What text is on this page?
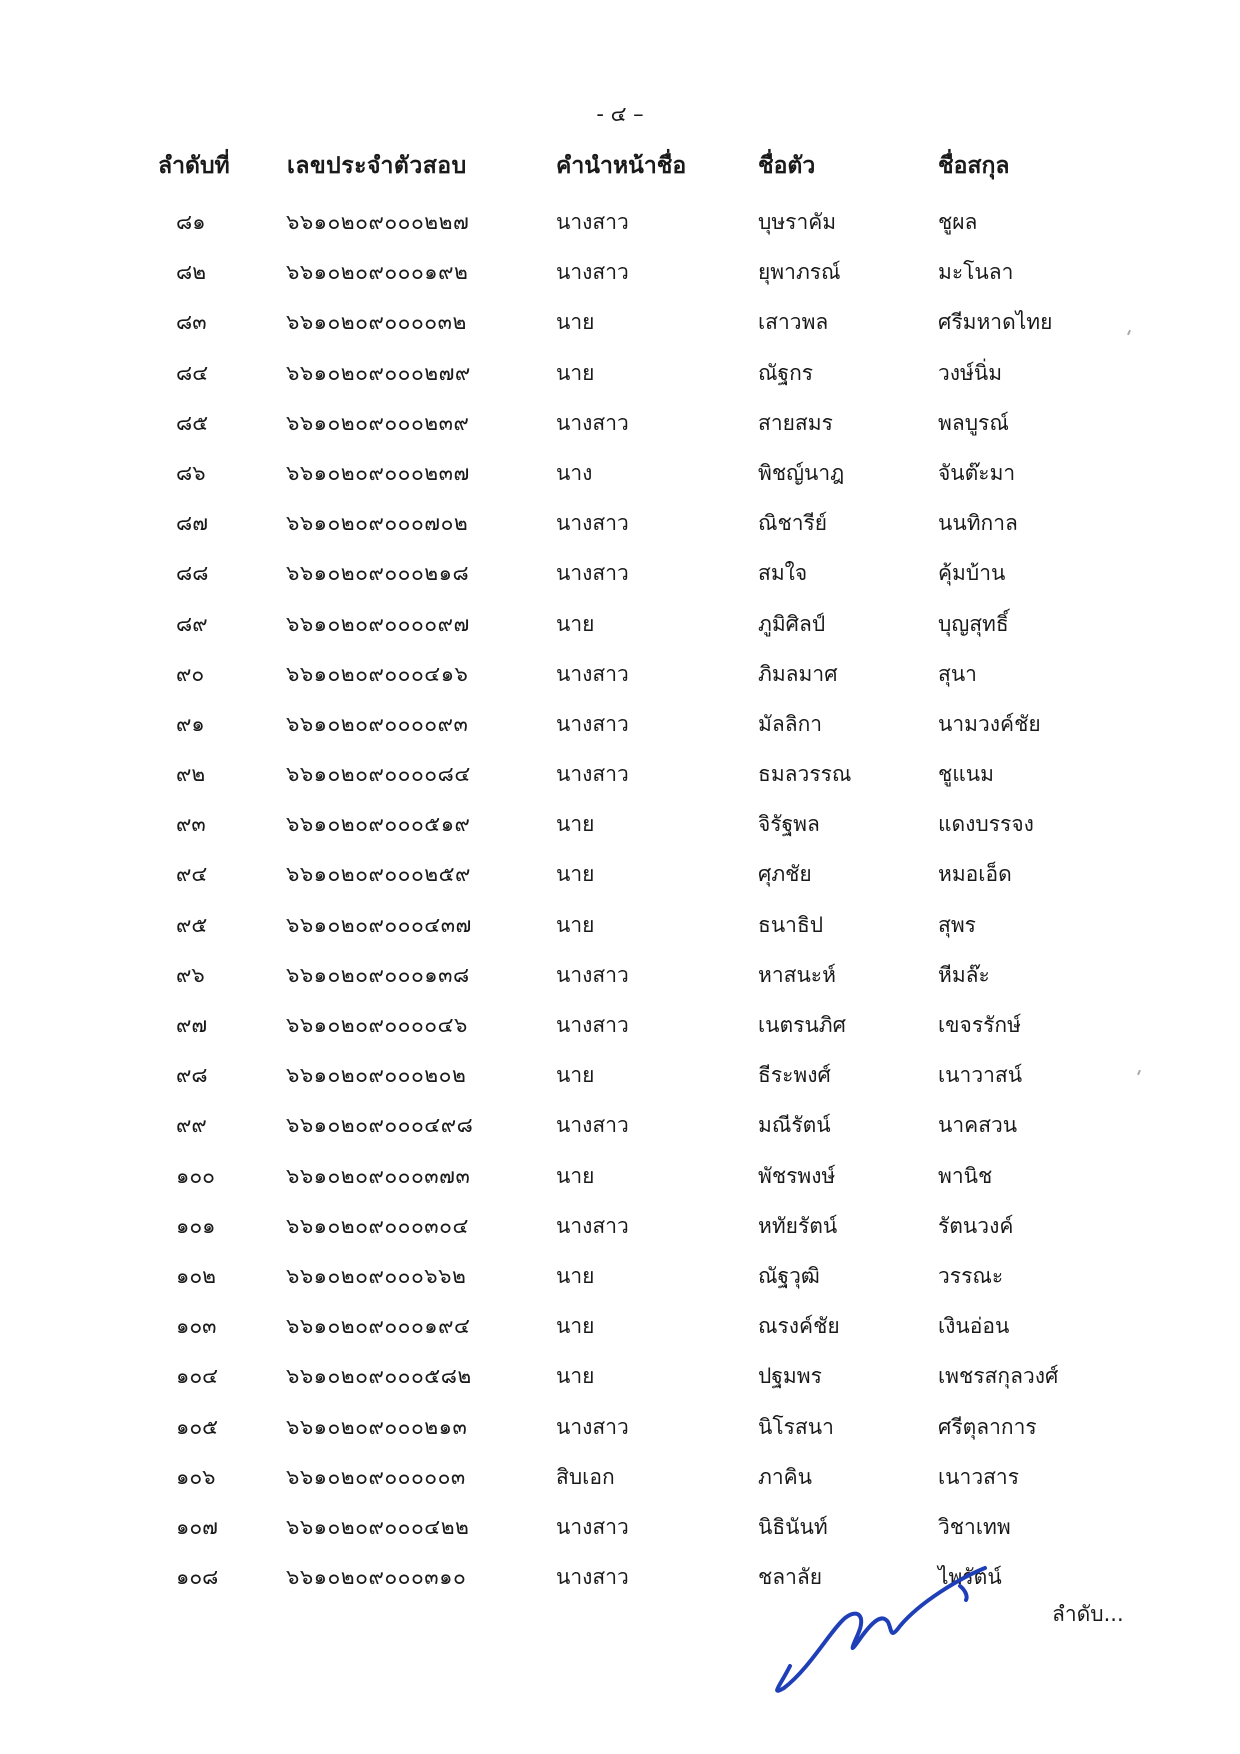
- ๔ –
ลำดับที่	เลขประจำตัวสอบ	คำนำหน้าชื่อ	ชื่อตัว	ชื่อสกุล
๘๑	๖๖๑๐๒๐๙๐๐๐๒๒๗	นางสาว	บุษราคัม	ชูผล
๘๒	๖๖๑๐๒๐๙๐๐๐๑๙๒	นางสาว	ยุพาภรณ์	มะโนลา
๘๓	๖๖๑๐๒๐๙๐๐๐๐๓๒	นาย	เสาวพล	ศรีมหาดไทย
๘๔	๖๖๑๐๒๐๙๐๐๐๒๗๙	นาย	ณัฐกร	วงษ์นิ่ม
๘๕	๖๖๑๐๒๐๙๐๐๐๒๓๙	นางสาว	สายสมร	พลบูรณ์
๘๖	๖๖๑๐๒๐๙๐๐๐๒๓๗	นาง	พิชญ์นาฎ	จันต๊ะมา
๘๗	๖๖๑๐๒๐๙๐๐๐๗๐๒	นางสาว	ณิชารีย์	นนทิกาล
๘๘	๖๖๑๐๒๐๙๐๐๐๒๑๘	นางสาว	สมใจ	คุ้มบ้าน
๘๙	๖๖๑๐๒๐๙๐๐๐๐๙๗	นาย	ภูมิศิลป์	บุญสุทธิ์
๙๐	๖๖๑๐๒๐๙๐๐๐๔๑๖	นางสาว	ภิมลมาศ	สุนา
๙๑	๖๖๑๐๒๐๙๐๐๐๐๙๓	นางสาว	มัลลิกา	นามวงค์ชัย
๙๒	๖๖๑๐๒๐๙๐๐๐๐๘๔	นางสาว	ธมลวรรณ	ชูแนม
๙๓	๖๖๑๐๒๐๙๐๐๐๕๑๙	นาย	จิรัฐพล	แดงบรรจง
๙๔	๖๖๑๐๒๐๙๐๐๐๒๕๙	นาย	ศุภชัย	หมอเอ็ด
๙๕	๖๖๑๐๒๐๙๐๐๐๔๓๗	นาย	ธนาธิป	สุพร
๙๖	๖๖๑๐๒๐๙๐๐๐๑๓๘	นางสาว	หาสนะห์	หีมล๊ะ
๙๗	๖๖๑๐๒๐๙๐๐๐๐๔๖	นางสาว	เนตรนภิศ	เขจรรักษ์
๙๘	๖๖๑๐๒๐๙๐๐๐๒๐๒	นาย	ธีระพงศ์	เนาวาสน์
๙๙	๖๖๑๐๒๐๙๐๐๐๔๙๘	นางสาว	มณีรัตน์	นาคสวน
๑๐๐	๖๖๑๐๒๐๙๐๐๐๓๗๓	นาย	พัชรพงษ์	พานิช
๑๐๑	๖๖๑๐๒๐๙๐๐๐๓๐๔	นางสาว	หทัยรัตน์	รัตนวงค์
๑๐๒	๖๖๑๐๒๐๙๐๐๐๖๖๒	นาย	ณัฐวุฒิ	วรรณะ
๑๐๓	๖๖๑๐๒๐๙๐๐๐๑๙๔	นาย	ณรงค์ชัย	เงินอ่อน
๑๐๔	๖๖๑๐๒๐๙๐๐๐๕๘๒	นาย	ปฐมพร	เพชรสกุลวงศ์
๑๐๕	๖๖๑๐๒๐๙๐๐๐๒๑๓	นางสาว	นิโรสนา	ศรีตุลาการ
๑๐๖	๖๖๑๐๒๐๙๐๐๐๐๐๓	สิบเอก	ภาคิน	เนาวสาร
๑๐๗	๖๖๑๐๒๐๙๐๐๐๔๒๒	นางสาว	นิธินันท์	วิชาเทพ
๑๐๘	๖๖๑๐๒๐๙๐๐๐๓๑๐	นางสาว	ชลาลัย	ไพรัตน์
ลำดับ...
